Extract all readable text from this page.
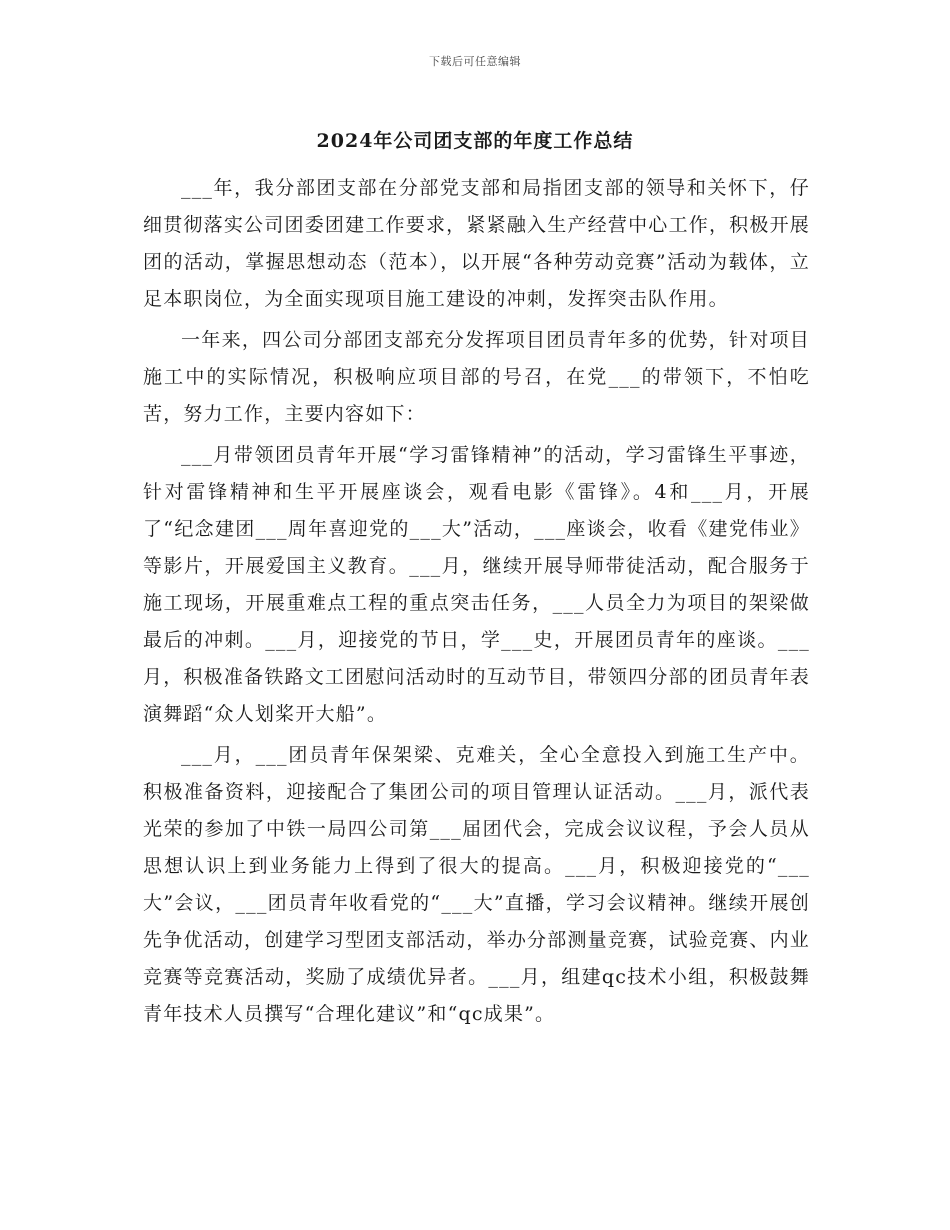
下载后可任意编辑
2024年公司团支部的年度工作总结

___年，我分部团支部在分部党支部和局指团支部的领导和关怀下，仔细贯彻落实公司团委团建工作要求，紧紧融入生产经营中心工作，积极开展团的活动，掌握思想动态（范本），以开展“各种劳动竞赛”活动为载体，立足本职岗位，为全面实现项目施工建设的冲刺，发挥突击队作用。

一年来，四公司分部团支部充分发挥项目团员青年多的优势，针对项目施工中的实际情况，积极响应项目部的号召，在党___的带领下，不怕吃苦，努力工作，主要内容如下：

___月带领团员青年开展“学习雷锋精神”的活动，学习雷锋生平事迹，针对雷锋精神和生平开展座谈会，观看电影《雷锋》。4和___月，开展了“纪念建团___周年喜迎党的___大”活动，___座谈会，收看《建党伟业》等影片，开展爱国主义教育。___月，继续开展导师带徒活动，配合服务于施工现场，开展重难点工程的重点突击任务，___人员全力为项目的架梁做最后的冲刺。___月，迎接党的节日，学___史，开展团员青年的座谈。___月，积极准备铁路文工团慰问活动时的互动节目，带领四分部的团员青年表演舞蹈“众人划桨开大船”。

___月，___团员青年保架梁、克难关，全心全意投入到施工生产中。积极准备资料，迎接配合了集团公司的项目管理认证活动。___月，派代表光荣的参加了中铁一局四公司第___届团代会，完成会议议程，予会人员从思想认识上到业务能力上得到了很大的提高。___月，积极迎接党的“___大”会议，___团员青年收看党的“___大”直播，学习会议精神。继续开展创先争优活动，创建学习型团支部活动，举办分部测量竞赛，试验竞赛、内业竞赛等竞赛活动，奖励了成绩优异者。___月，组建qc技术小组，积极鼓舞青年技术人员撰写“合理化建议”和“qc成果”。
